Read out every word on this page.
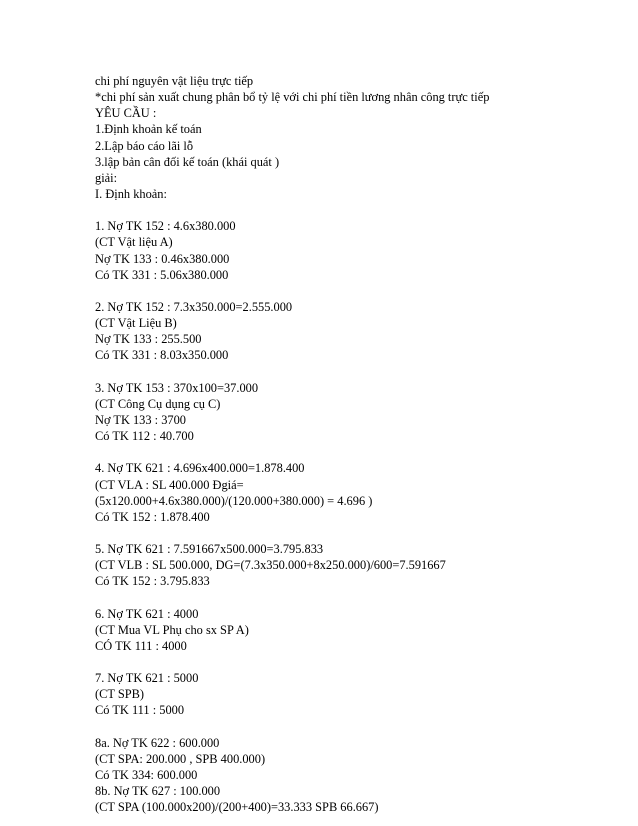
chi phí nguyên vật liệu trực tiếp
*chi phí sản xuất chung phân bổ tỷ lệ với chi phí tiền lương nhân công trực tiếp
YÊU CẦU :
1.Định khoản kế toán
2.Lập báo cáo lãi lỗ
3.lập bản cân đối kế toán (khái quát )
giải:
I. Định khoản:
1. Nợ TK 152 : 4.6x380.000
(CT Vật liệu A)
Nợ TK 133 : 0.46x380.000
Có TK 331 : 5.06x380.000
2. Nợ TK 152 : 7.3x350.000=2.555.000
(CT Vật Liệu B)
Nợ TK 133 : 255.500
Có TK 331 : 8.03x350.000
3. Nợ TK 153 : 370x100=37.000
(CT Công Cụ dụng cụ C)
Nợ TK 133 : 3700
Có TK 112 : 40.700
4. Nợ TK 621 : 4.696x400.000=1.878.400
(CT VLA : SL 400.000 Đgiá=
(5x120.000+4.6x380.000)/(120.000+380.000) = 4.696 )
Có TK 152 : 1.878.400
5. Nợ TK 621 : 7.591667x500.000=3.795.833
(CT VLB : SL 500.000, DG=(7.3x350.000+8x250.000)/600=7.591667
Có TK 152 : 3.795.833
6. Nợ TK 621 : 4000
(CT Mua VL Phụ cho sx SP A)
CÓ TK 111 : 4000
7. Nợ TK 621 : 5000
(CT SPB)
Có TK 111 : 5000
8a. Nợ TK 622 : 600.000
(CT SPA: 200.000 , SPB 400.000)
Có TK 334: 600.000
8b. Nợ TK 627 : 100.000
(CT SPA (100.000x200)/(200+400)=33.333 SPB 66.667)
